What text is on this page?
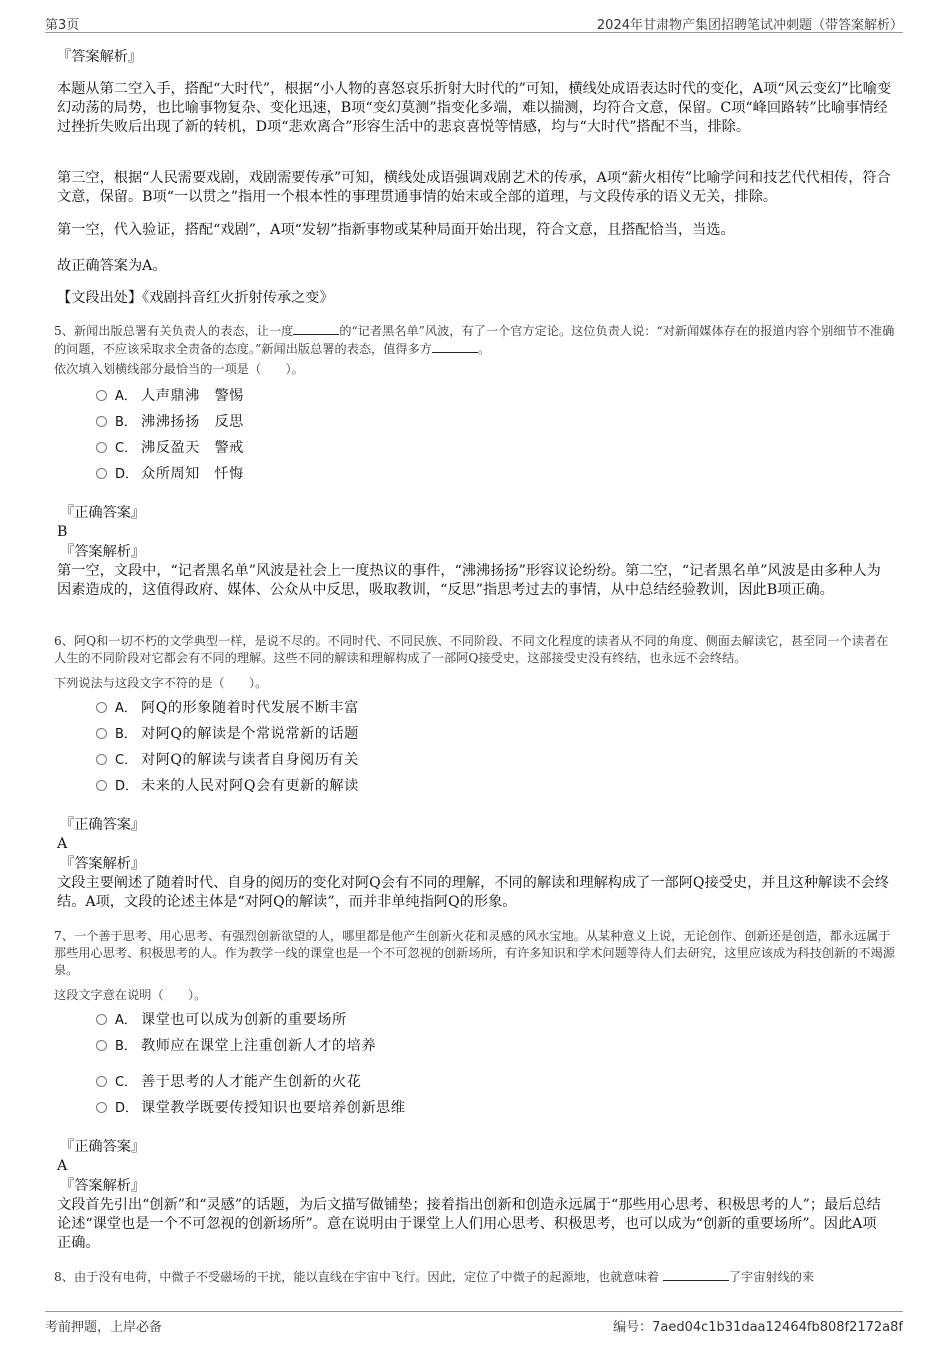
第3页	2024年甘肃物产集团招聘笔试冲刺题（带答案解析）
『答案解析』

本题从第二空入手，搭配“大时代”，根据“小人物的喜怒哀乐折射大时代的”可知，横线处成语表达时代的变化，A项“风云变幻”比喻变幻动荡的局势，也比喻事物复杂、变化迅速，B项“变幻莫测”指变化多端，难以揣测，均符合文意，保留。C项“峰回路转”比喻事情经过挫折失败后出现了新的转机，D项“悲欢离合”形容生活中的悲哀喜悦等情感，均与“大时代”搭配不当，排除。

第三空，根据“人民需要戏剧，戏剧需要传承”可知，横线处成语强调戏剧艺术的传承，A项“薪火相传”比喻学问和技艺代代相传，符合文意，保留。B项“一以贯之”指用一个根本性的事理贯通事情的始末或全部的道理，与文段传承的语义无关，排除。

第一空，代入验证，搭配“戏剧”，A项“发轫”指新事物或某种局面开始出现，符合文意，且搭配恰当，当选。

故正确答案为A。

【文段出处】《戏剧抖音红火折射传承之变》

5、新闻出版总署有关负责人的表态，让一度	的“记者黑名单”风波，有了一个官方定论。这位负责人说：“对新闻媒体存在的报道内容个别细节不准确的问题，不应该采取求全责备的态度。”新闻出版总署的表态，值得多方	。

依次填入划横线部分最恰当的一项是（　　）。

A． 人声鼎沸　警惕
B． 沸沸扬扬　反思
C． 沸反盈天　警戒
D． 众所周知　忏悔
『正确答案』
B
『答案解析』

第一空，文段中，“记者黑名单”风波是社会上一度热议的事件，“沸沸扬扬”形容议论纷纷。第二空，“记者黑名单”风波是由多种人为因素造成的，这值得政府、媒体、公众从中反思，吸取教训，“反思”指思考过去的事情，从中总结经验教训，因此B项正确。

6、阿Q和一切不朽的文学典型一样，是说不尽的。不同时代、不同民族、不同阶段、不同文化程度的读者从不同的角度、侧面去解读它，甚至同一个读者在人生的不同阶段对它都会有不同的理解。这些不同的解读和理解构成了一部阿Q接受史，这部接受史没有终结，也永远不会终结。

下列说法与这段文字不符的是（　　）。

A． 阿Q的形象随着时代发展不断丰富
B． 对阿Q的解读是个常说常新的话题
C． 对阿Q的解读与读者自身阅历有关
D． 未来的人民对阿Q会有更新的解读
『正确答案』
A
『答案解析』

文段主要阐述了随着时代、自身的阅历的变化对阿Q会有不同的理解，不同的解读和理解构成了一部阿Q接受史，并且这种解读不会终结。A项，文段的论述主体是“对阿Q的解读”，而并非单纯指阿Q的形象。

7、一个善于思考、用心思考、有强烈创新欲望的人，哪里都是他产生创新火花和灵感的风水宝地。从某种意义上说，无论创作、创新还是创造，都永远属于那些用心思考、积极思考的人。作为教学一线的课堂也是一个不可忽视的创新场所，有许多知识和学术问题等待人们去研究，这里应该成为科技创新的不竭源泉。

这段文字意在说明（　　）。

A． 课堂也可以成为创新的重要场所
B． 教师应在课堂上注重创新人才的培养
C． 善于思考的人才能产生创新的火花
D． 课堂教学既要传授知识也要培养创新思维
『正确答案』
A
『答案解析』

文段首先引出“创新”和“灵感”的话题，为后文描写做铺垫；接着指出创新和创造永远属于“那些用心思考、积极思考的人”；最后总结论述“课堂也是一个不可忽视的创新场所”。意在说明由于课堂上人们用心思考、积极思考，也可以成为“创新的重要场所”。因此A项正确。

8、由于没有电荷，中微子不受磁场的干扰，能以直线在宇宙中飞行。因此，定位了中微子的起源地，也就意味着	了宇宙射线的来

考前押题，上岸必备	编号：7aed04c1b31daa12464fb808f2172a8f
